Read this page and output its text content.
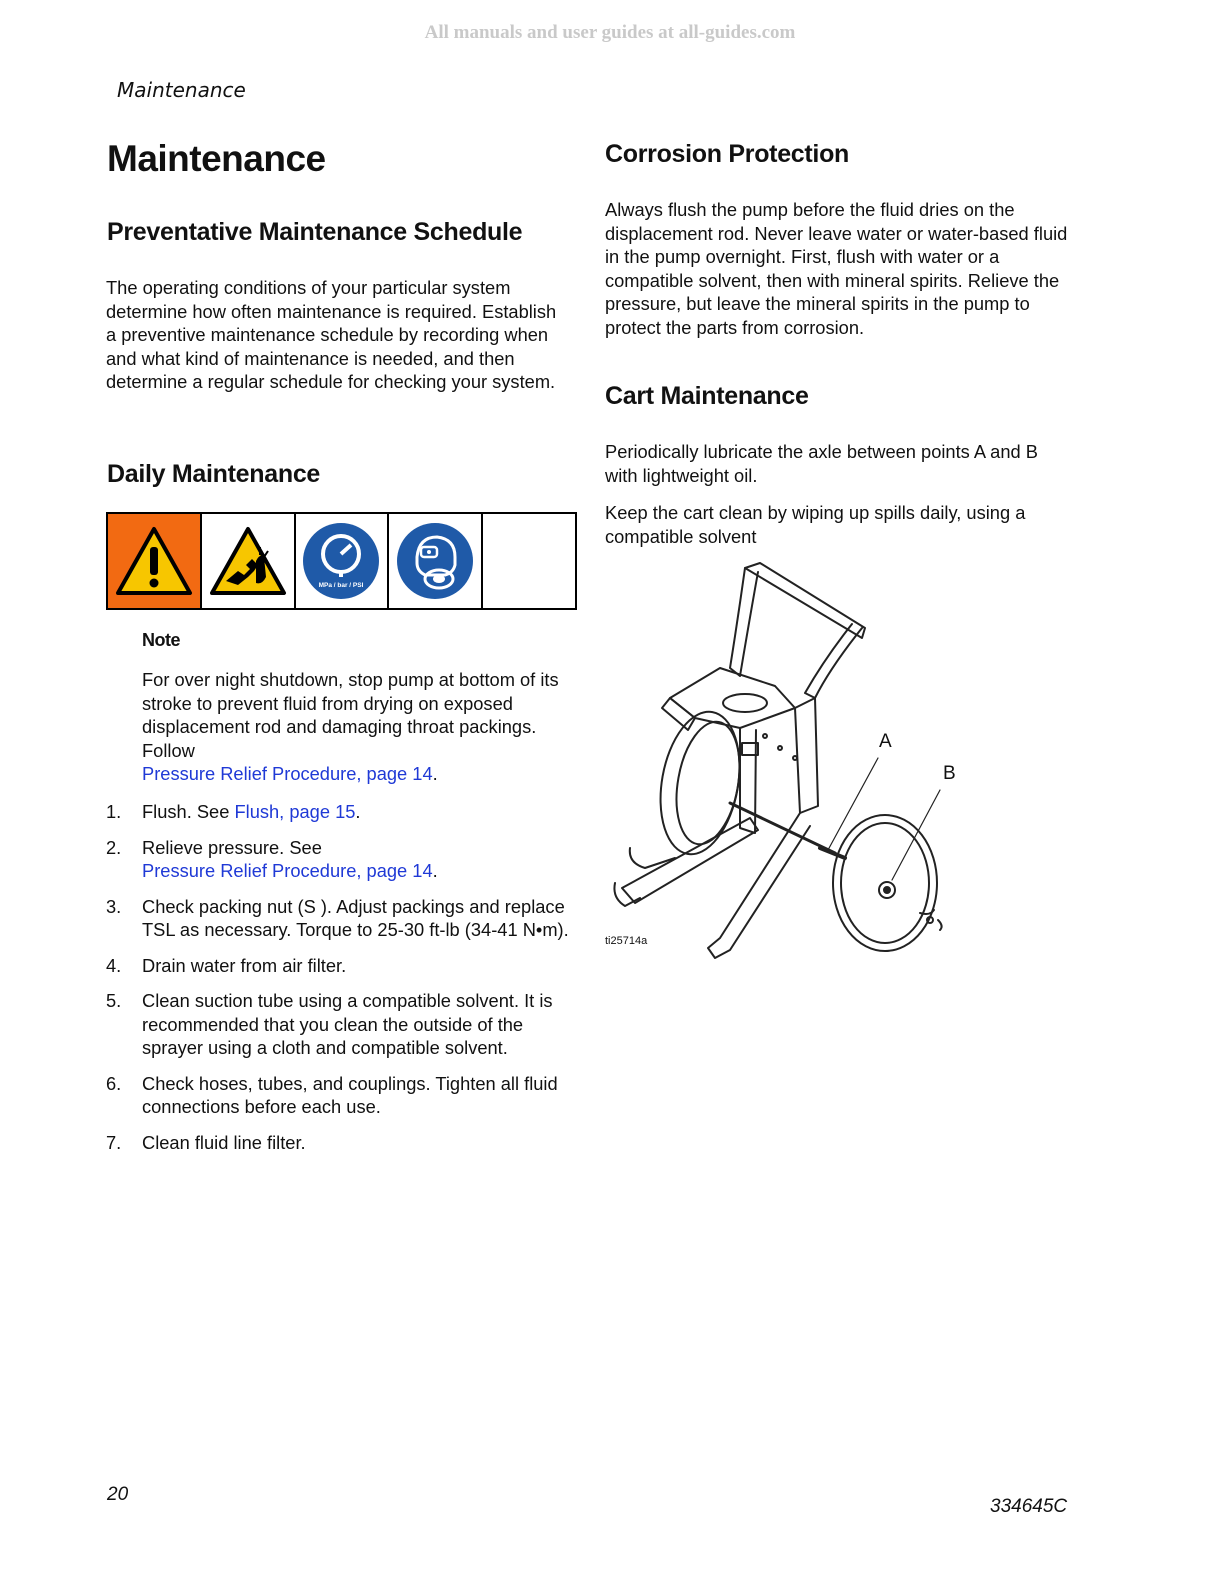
All manuals and user guides at all-guides.com
Maintenance
Maintenance
Preventative Maintenance Schedule
The operating conditions of your particular system determine how often maintenance is required. Establish a preventive maintenance schedule by recording when and what kind of maintenance is needed, and then determine a regular schedule for checking your system.
Daily Maintenance
MPa / bar / PSI
Note
For over night shutdown, stop pump at bottom of its stroke to prevent fluid from drying on exposed displacement rod and damaging throat packings. Follow
Pressure Relief Procedure, page 14.
1. Flush. See Flush, page 15.
2. Relieve pressure. See
Pressure Relief Procedure, page 14.
3. Check packing nut (S ). Adjust packings and replace TSL as necessary. Torque to 25-30 ft-lb (34-41 N•m).
4. Drain water from air filter.
5. Clean suction tube using a compatible solvent. It is recommended that you clean the outside of the sprayer using a cloth and compatible solvent.
6. Check hoses, tubes, and couplings. Tighten all fluid connections before each use.
7. Clean fluid line filter.
Corrosion Protection
Always flush the pump before the fluid dries on the displacement rod. Never leave water or water-based fluid in the pump overnight. First, flush with water or a compatible solvent, then with mineral spirits. Relieve the pressure, but leave the mineral spirits in the pump to protect the parts from corrosion.
Cart Maintenance
Periodically lubricate the axle between points A and B with lightweight oil.
Keep the cart clean by wiping up spills daily, using a compatible solvent
A
B
ti25714a
20
334645C
